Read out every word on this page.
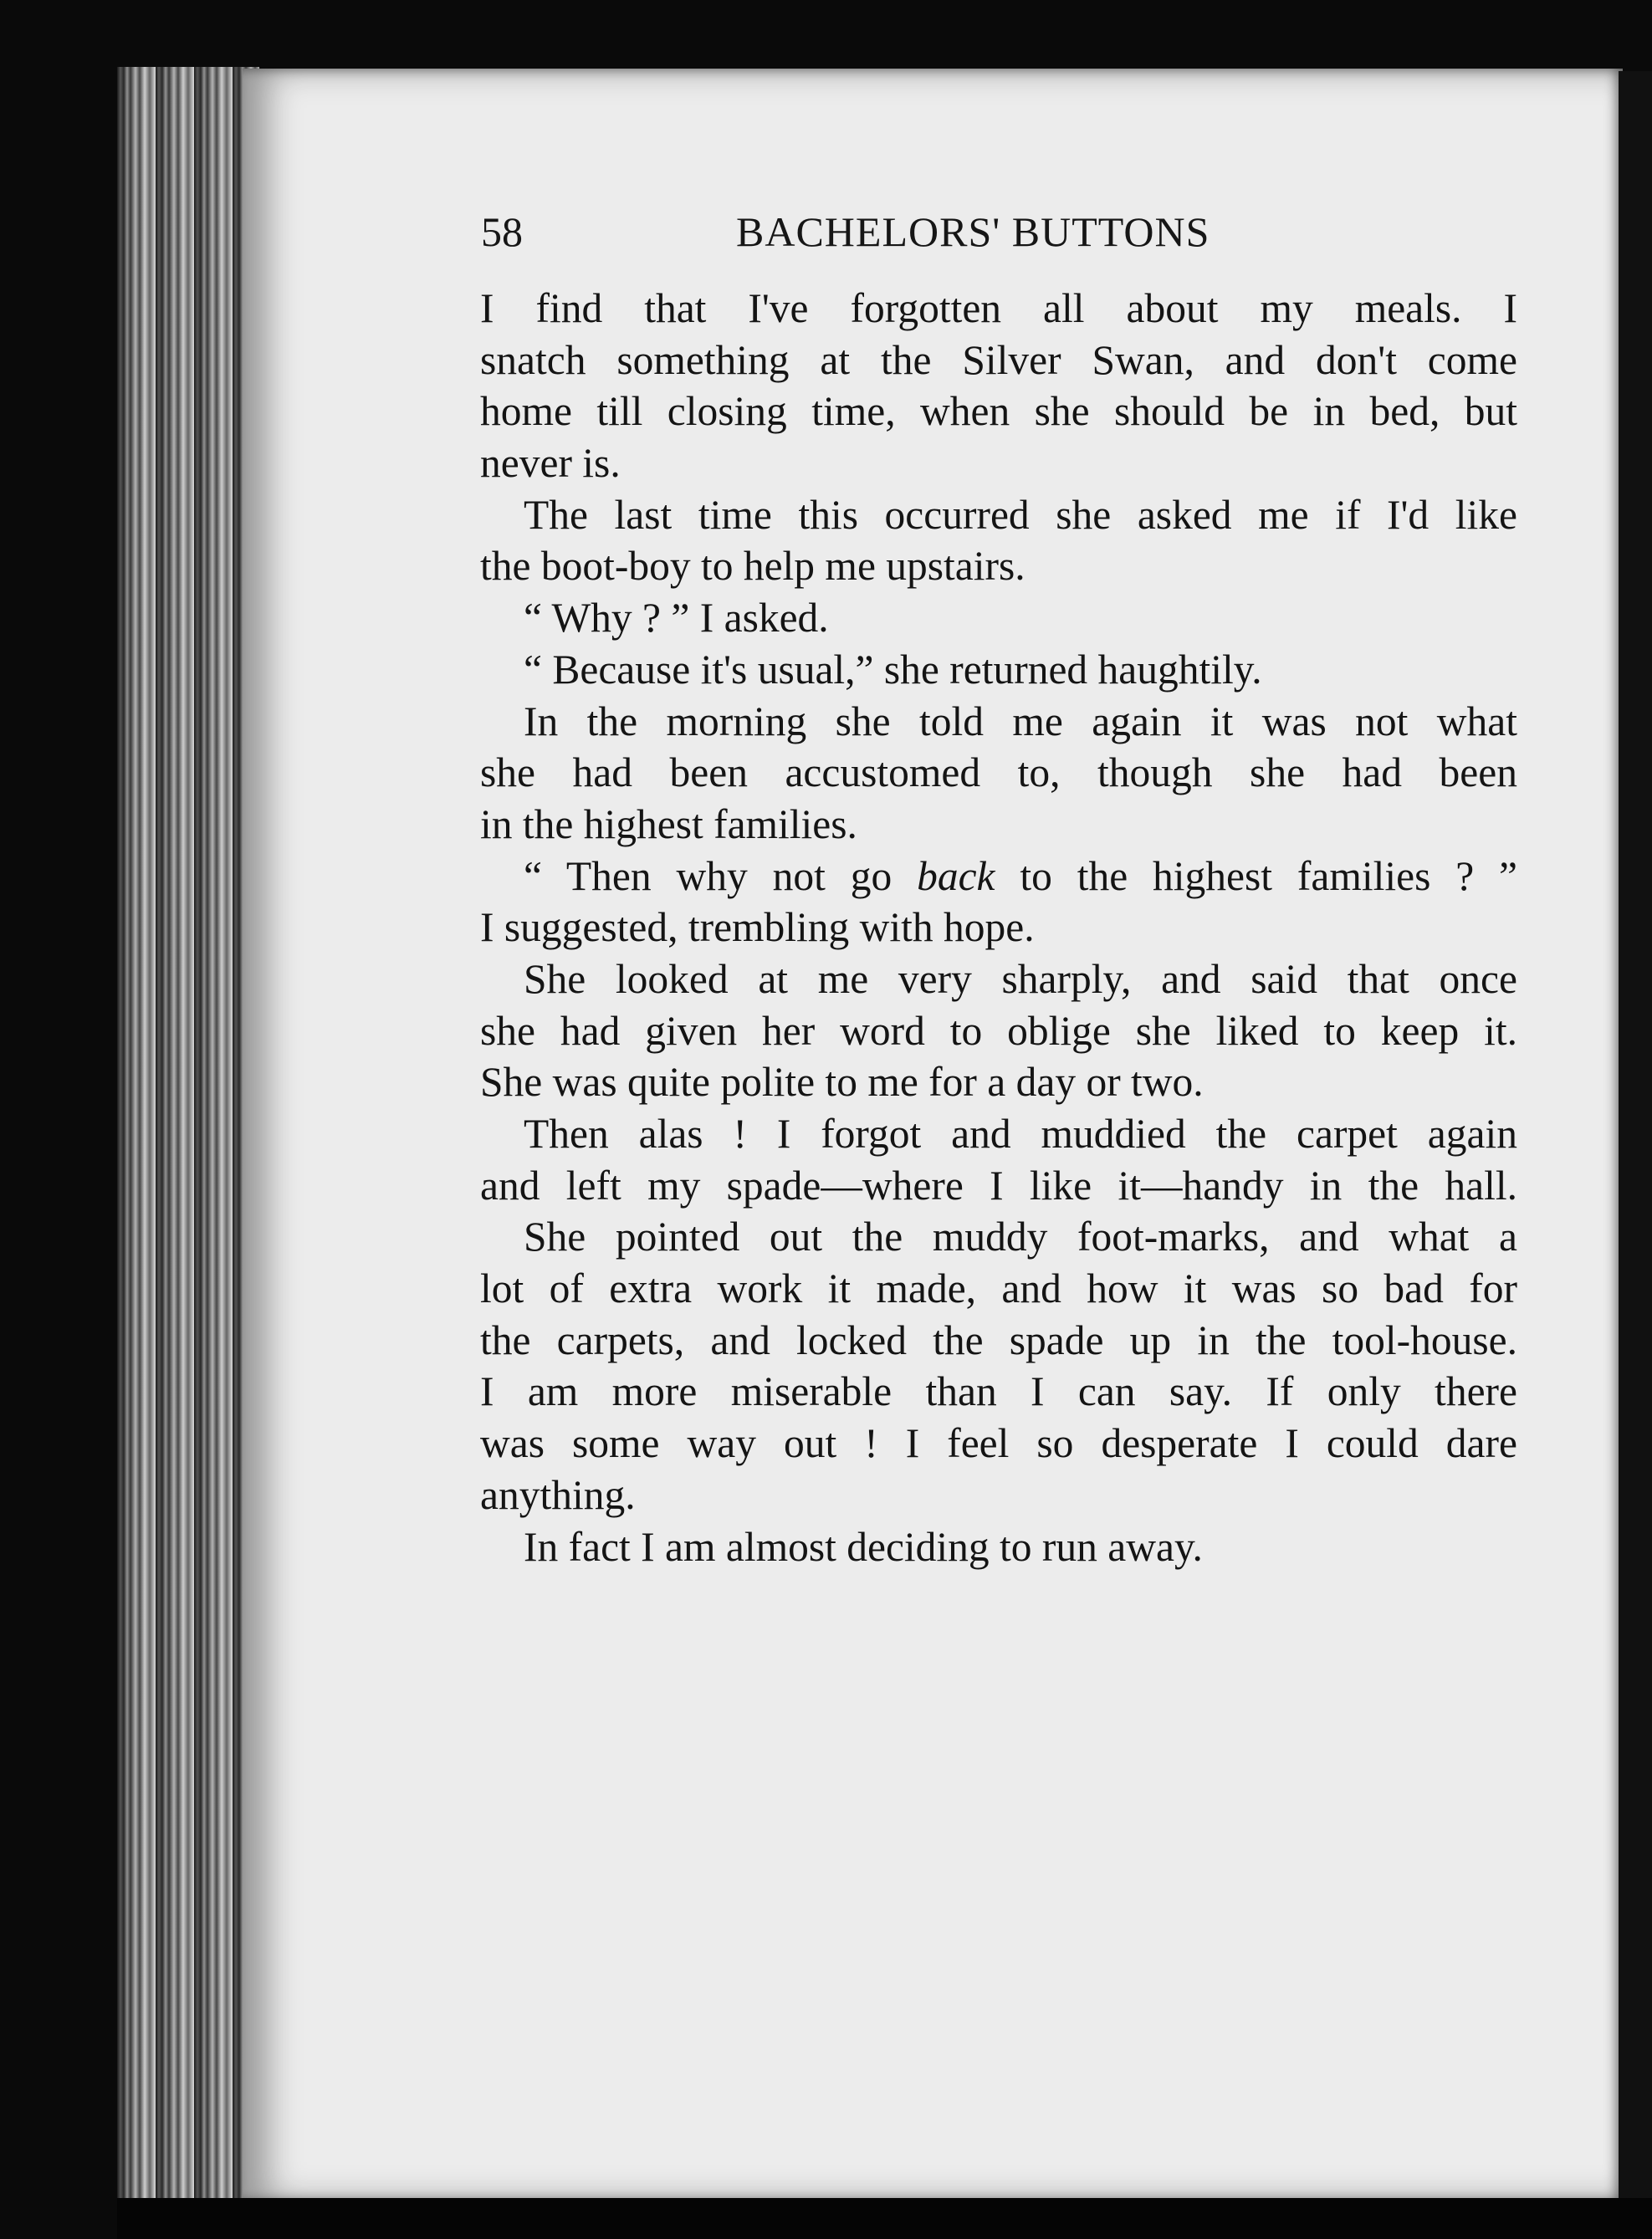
58	BACHELORS' BUTTONS
I find that I've forgotten all about my meals. I
snatch something at the Silver Swan, and don't come
home till closing time, when she should be in bed, but
never is.
The last time this occurred she asked me if I'd like
the boot-boy to help me upstairs.
“ Why ? ” I asked.
“ Because it's usual,” she returned haughtily.
In the morning she told me again it was not what
she had been accustomed to, though she had been
in the highest families.
“ Then why not go back to the highest families ? ”
I suggested, trembling with hope.
She looked at me very sharply, and said that once
she had given her word to oblige she liked to keep it.
She was quite polite to me for a day or two.
Then alas ! I forgot and muddied the carpet again
and left my spade—where I like it—handy in the hall.
She pointed out the muddy foot-marks, and what a
lot of extra work it made, and how it was so bad for
the carpets, and locked the spade up in the tool-house.
I am more miserable than I can say. If only there
was some way out ! I feel so desperate I could dare
anything.
In fact I am almost deciding to run away.
